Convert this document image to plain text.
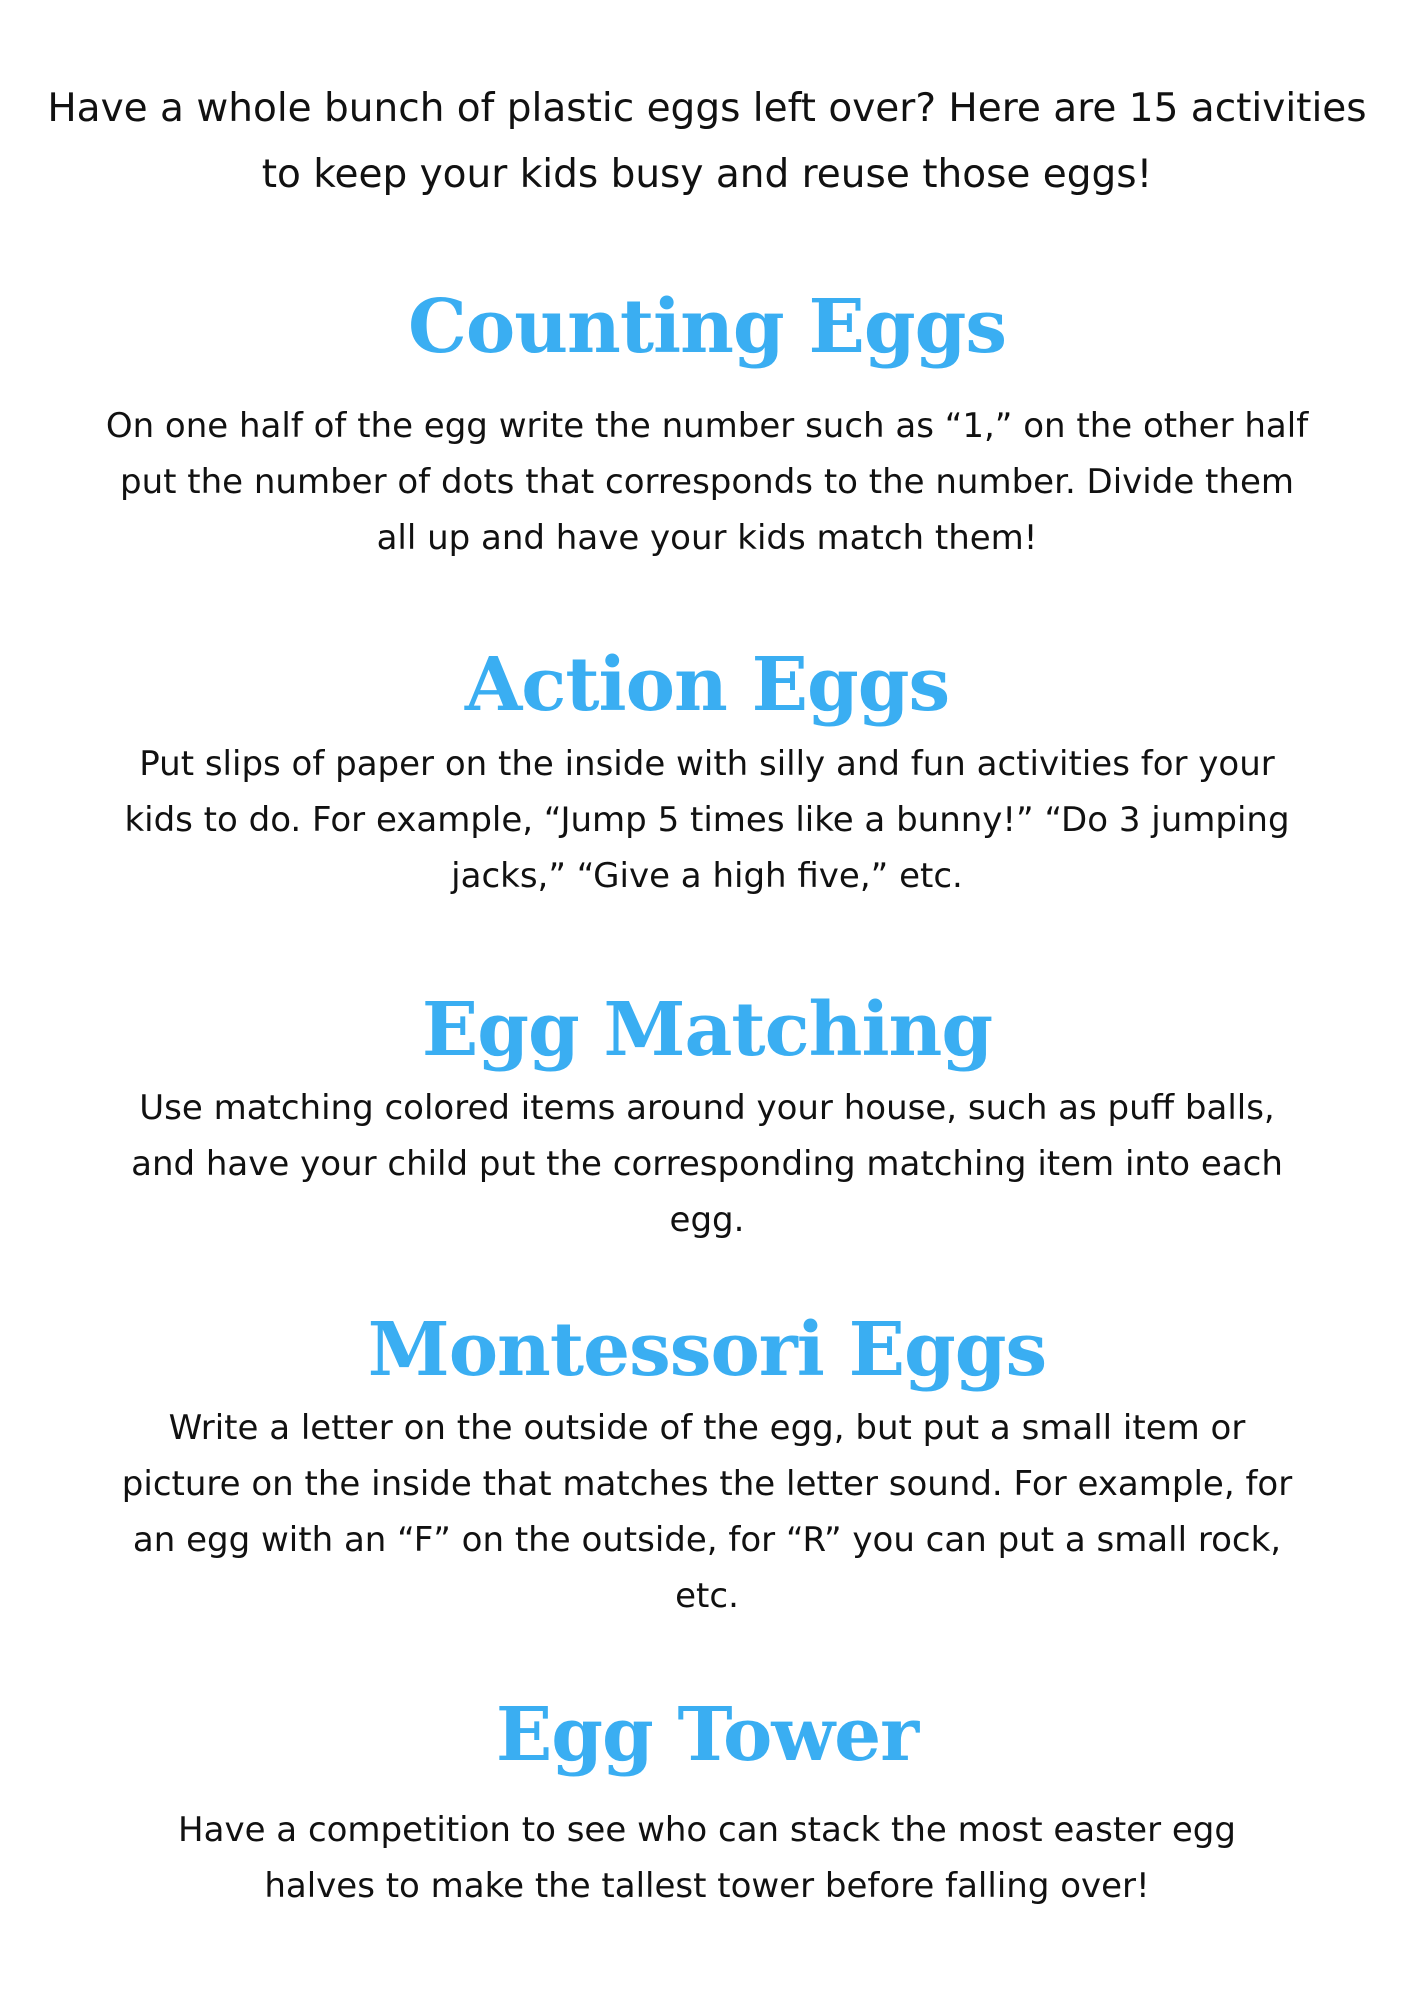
Have a whole bunch of plastic eggs left over? Here are 15 activities to keep your kids busy and reuse those eggs!
Counting Eggs
On one half of the egg write the number such as “1,” on the other half put the number of dots that corresponds to the number. Divide them all up and have your kids match them!
Action Eggs
Put slips of paper on the inside with silly and fun activities for your kids to do. For example, “Jump 5 times like a bunny!” “Do 3 jumping jacks,” “Give a high five,” etc.
Egg Matching
Use matching colored items around your house, such as puff balls, and have your child put the corresponding matching item into each egg.
Montessori Eggs
Write a letter on the outside of the egg, but put a small item or picture on the inside that matches the letter sound. For example, for an egg with an “F” on the outside, for “R” you can put a small rock, etc.
Egg Tower
Have a competition to see who can stack the most easter egg halves to make the tallest tower before falling over!
